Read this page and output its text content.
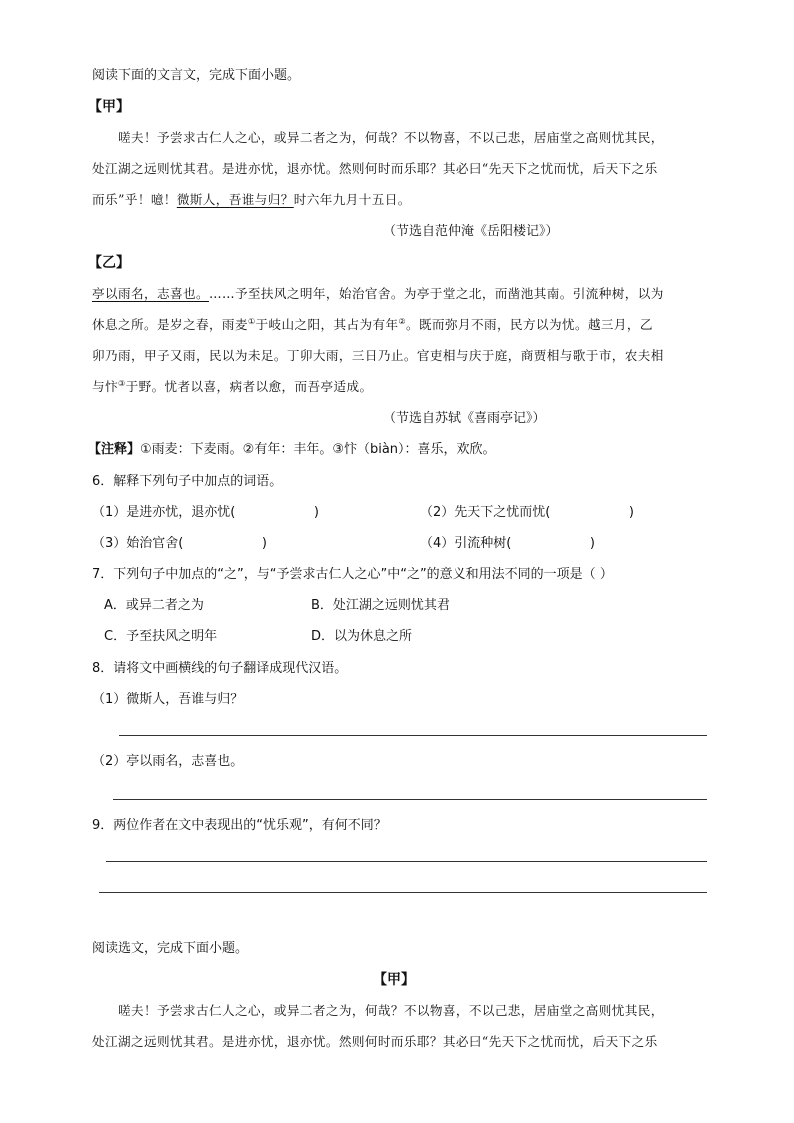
阅读下面的文言文，完成下面小题。
【甲】
嗟夫！予尝求古仁人之心，或异二者之为，何哉？不以物喜，不以己悲，居庙堂之高则忧其民，
处江湖之远则忧其君。是进亦忧，退亦忧。然则何时而乐耶？其必曰“先天下之忧而忧，后天下之乐
而乐”乎！噫！微斯人，吾谁与归？时六年九月十五日。
（节选自范仲淹《岳阳楼记》）
【乙】
亭以雨名，志喜也。……予至扶风之明年，始治官舍。为亭于堂之北，而凿池其南。引流种树，以为
休息之所。是岁之春，雨麦①于岐山之阳，其占为有年②。既而弥月不雨，民方以为忧。越三月，乙
卯乃雨，甲子又雨，民以为未足。丁卯大雨，三日乃止。官吏相与庆于庭，商贾相与歌于市，农夫相
与忭③于野。忧者以喜，病者以愈，而吾亭适成。
（节选自苏轼《喜雨亭记》）
【注释】①雨麦：下麦雨。②有年：丰年。③忭（biàn）：喜乐，欢欣。
6．解释下列句子中加点的词语。
（1）是进亦忧，退亦忧(                   )	（2）先天下之忧而忧(                   )
（3）始治官舍(                   )	（4）引流种树(                   )
7．下列句子中加点的“之”，与“予尝求古仁人之心”中“之”的意义和用法不同的一项是（ ）
A．或异二者之为	B．处江湖之远则忧其君
C．予至扶风之明年	D．以为休息之所
8．请将文中画横线的句子翻译成现代汉语。
（1）微斯人，吾谁与归？
（2）亭以雨名，志喜也。
9．两位作者在文中表现出的“忧乐观”，有何不同？
阅读选文，完成下面小题。
【甲】
嗟夫！予尝求古仁人之心，或异二者之为，何哉？不以物喜，不以己悲，居庙堂之高则忧其民，
处江湖之远则忧其君。是进亦忧，退亦忧。然则何时而乐耶？其必曰“先天下之忧而忧，后天下之乐
